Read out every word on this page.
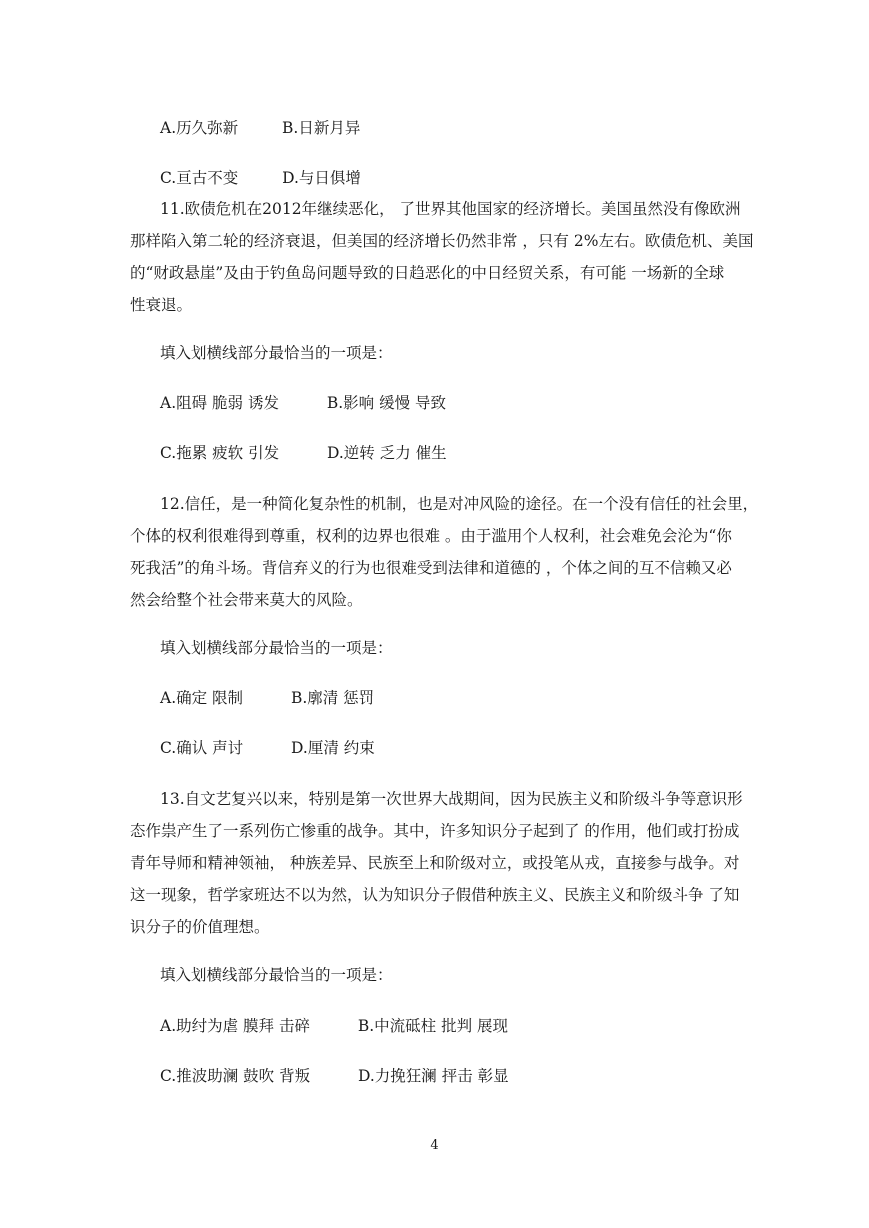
A.历久弥新	B.日新月异
C.亘古不变	D.与日俱增
11.欧债危机在2012年继续恶化， 了世界其他国家的经济增长。美国虽然没有像欧洲
那样陷入第二轮的经济衰退，但美国的经济增长仍然非常 ，只有 2%左右。欧债危机、美国
的“财政悬崖”及由于钓鱼岛问题导致的日趋恶化的中日经贸关系，有可能 一场新的全球
性衰退。
填入划横线部分最恰当的一项是：
A.阻碍 脆弱 诱发	B.影响 缓慢 导致
C.拖累 疲软 引发	D.逆转 乏力 催生
12.信任，是一种简化复杂性的机制，也是对冲风险的途径。在一个没有信任的社会里，
个体的权利很难得到尊重，权利的边界也很难 。由于滥用个人权利，社会难免会沦为“你
死我活”的角斗场。背信弃义的行为也很难受到法律和道德的 ，个体之间的互不信赖又必
然会给整个社会带来莫大的风险。
填入划横线部分最恰当的一项是：
A.确定 限制	B.廓清 惩罚
C.确认 声讨	D.厘清 约束
13.自文艺复兴以来，特别是第一次世界大战期间，因为民族主义和阶级斗争等意识形
态作祟产生了一系列伤亡惨重的战争。其中，许多知识分子起到了 的作用，他们或打扮成
青年导师和精神领袖， 种族差异、民族至上和阶级对立，或投笔从戎，直接参与战争。对
这一现象，哲学家班达不以为然，认为知识分子假借种族主义、民族主义和阶级斗争 了知
识分子的价值理想。
填入划横线部分最恰当的一项是：
A.助纣为虐 膜拜 击碎	B.中流砥柱 批判 展现
C.推波助澜 鼓吹 背叛	D.力挽狂澜 抨击 彰显
4
